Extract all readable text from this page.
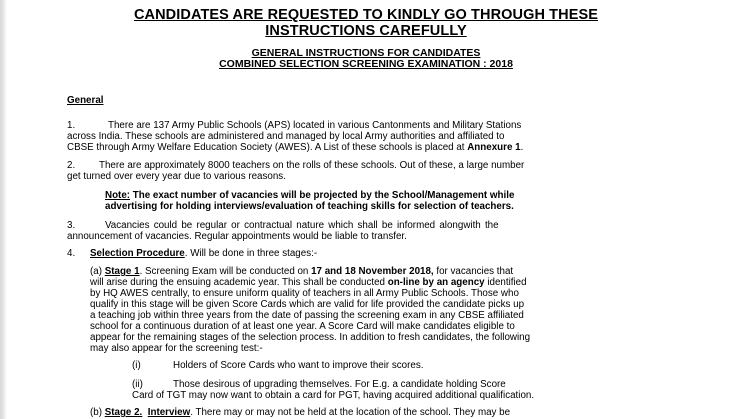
CANDIDATES ARE REQUESTED TO KINDLY GO THROUGH THESE
INSTRUCTIONS CAREFULLY
GENERAL INSTRUCTIONS FOR CANDIDATES
COMBINED SELECTION SCREENING EXAMINATION : 2018
General
1.	There are 137 Army Public Schools (APS) located in various Cantonments and Military Stations
across India. These schools are administered and managed by local Army authorities and affiliated to
CBSE through Army Welfare Education Society (AWES). A List of these schools is placed at Annexure 1.
2. There are approximately 8000 teachers on the rolls of these schools. Out of these, a large number
get turned over every year due to various reasons.
Note: The exact number of vacancies will be projected by the School/Management while
advertising for holding interviews/evaluation of teaching skills for selection of teachers.
3.	Vacancies could be regular or contractual nature which shall be informed alongwith the
announcement of vacancies. Regular appointments would be liable to transfer.
4. Selection Procedure. Will be done in three stages:-
(a) Stage 1. Screening Exam will be conducted on 17 and 18 November 2018, for vacancies that
will arise during the ensuing academic year. This shall be conducted on-line by an agency identified
by HQ AWES centrally, to ensure uniform quality of teachers in all Army Public Schools. Those who
qualify in this stage will be given Score Cards which are valid for life provided the candidate picks up
a teaching job within three years from the date of passing the screening exam in any CBSE affiliated
school for a continuous duration of at least one year. A Score Card will make candidates eligible to
appear for the remaining stages of the selection process. In addition to fresh candidates, the following
may also appear for the screening test:-
(i)	Holders of Score Cards who want to improve their scores.
(ii)	Those desirous of upgrading themselves. For E.g. a candidate holding Score
Card of TGT may now want to obtain a card for PGT, having acquired additional qualification.
(b) Stage 2. Interview. There may or may not be held at the location of the school. They may be
